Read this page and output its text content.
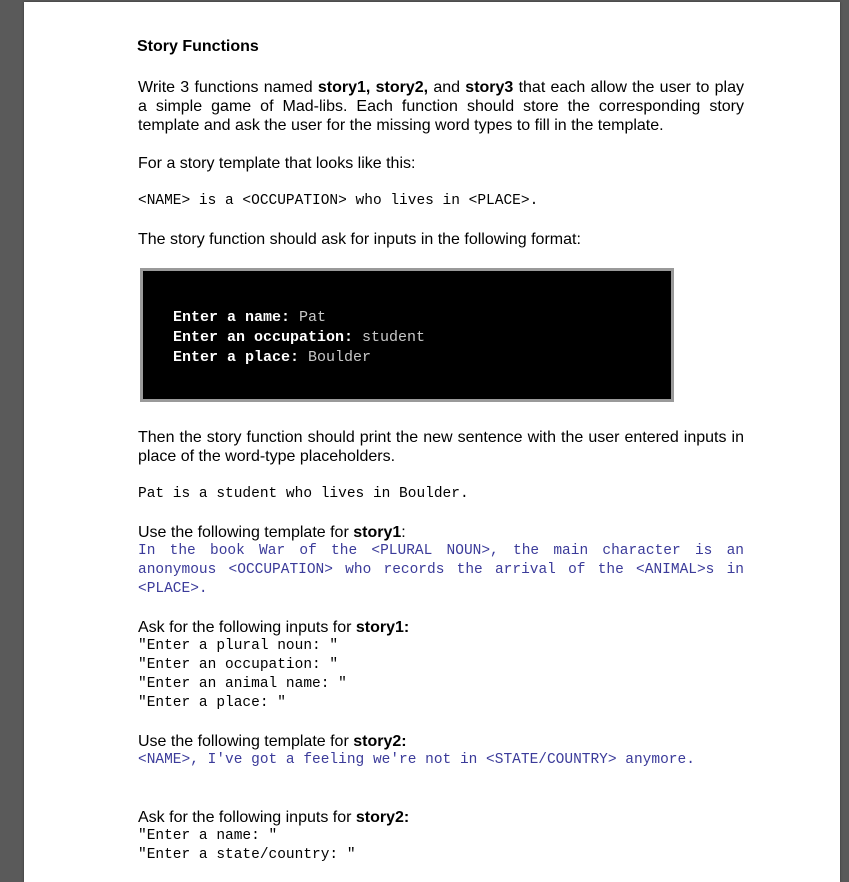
Story Functions
Write 3 functions named story1, story2, and story3 that each allow the user to play a simple game of Mad-libs. Each function should store the corresponding story template and ask the user for the missing word types to fill in the template.
For a story template that looks like this:
<NAME> is a <OCCUPATION> who lives in <PLACE>.
The story function should ask for inputs in the following format:
Enter a name: Pat
Enter an occupation: student
Enter a place: Boulder
Then the story function should print the new sentence with the user entered inputs in place of the word-type placeholders.
Pat is a student who lives in Boulder.
Use the following template for story1:
In the book War of the <PLURAL NOUN>, the main character is an anonymous <OCCUPATION> who records the arrival of the <ANIMAL>s in <PLACE>.
Ask for the following inputs for story1:
"Enter a plural noun: "
"Enter an occupation: "
"Enter an animal name: "
"Enter a place: "
Use the following template for story2:
<NAME>, I've got a feeling we're not in <STATE/COUNTRY> anymore.
Ask for the following inputs for story2:
"Enter a name: "
"Enter a state/country: "
